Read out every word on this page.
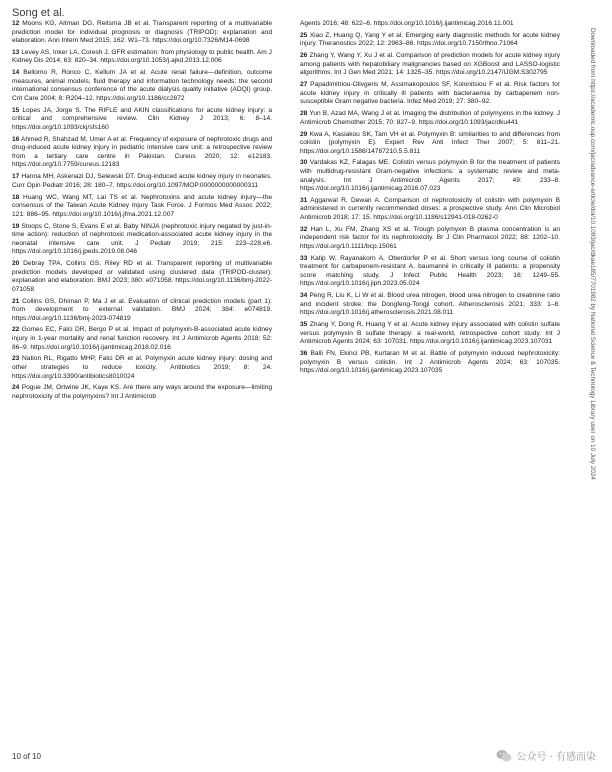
Song et al.

12 Moons KG, Altman DG, Reitsma JB et al. Transparent reporting of a multivariable prediction model for individual prognosis or diagnosis (TRIPOD): explanation and elaboration. Ann Intern Med 2015; 162: W1–73. https://doi.org/10.7326/M14-0698

13 Levey AS, Inker LA, Coresh J. GFR estimation: from physiology to public health. Am J Kidney Dis 2014; 63: 820–34. https://doi.org/10.1053/j.ajkd.2013.12.006

14 Bellomo R, Ronco C, Kellum JA et al. Acute renal failure—definition, outcome measures, animal models, fluid therapy and information technology needs: the second international consensus conference of the acute dialysis quality initiative (ADQI) group. Crit Care 2004; 8: R204–12. https://doi.org/10.1186/cc2872

15 Lopes JA, Jorge S. The RIFLE and AKIN classifications for acute kidney injury: a critical and comprehensive review. Clin Kidney J 2013; 6: 8–14. https://doi.org/10.1093/ckj/sfs160

16 Ahmed R, Shahzad M, Umer A et al. Frequency of exposure of nephrotoxic drugs and drug-induced acute kidney injury in pediatric intensive care unit: a retrospective review from a tertiary care centre in Pakistan. Cureus 2020; 12: e12183. https://doi.org/10.7759/cureus.12183

17 Hanna MH, Askenazi DJ, Selewski DT. Drug-induced acute kidney injury in neonates. Curr Opin Pediatr 2016; 28: 180–7. https://doi.org/10.1097/MOP.0000000000000311

18 Huang WC, Wang MT, Lai TS et al. Nephrotoxins and acute kidney injury—the consensus of the Taiwan Acute Kidney Injury Task Force. J Formos Med Assoc 2022; 121: 886–95. https://doi.org/10.1016/j.jfma.2021.12.007

19 Stoops C, Stone S, Evans E et al. Baby NINJA (nephrotoxic injury negated by just-in-time action): reduction of nephrotoxic medication-associated acute kidney injury in the neonatal intensive care unit. J Pediatr 2019; 215: 223–228.e6. https://doi.org/10.1016/j.jpeds.2019.08.046

20 Debray TPA, Collins GS, Riley RD et al. Transparent reporting of multivariable prediction models developed or validated using clustered data (TRIPOD-cluster): explanation and elaboration. BMJ 2023; 380: e071058. https://doi.org/10.1136/bmj-2022-071058

21 Collins GS, Dhiman P, Ma J et al. Evaluation of clinical prediction models (part 1): from development to external validation. BMJ 2024; 384: e074819. https://doi.org/10.1136/bmj-2023-074819

22 Gomes EC, Falci DR, Bergo P et al. Impact of polymyxin-B-associated acute kidney injury in 1-year mortality and renal function recovery. Int J Antimicrob Agents 2018; 52: 86–9. https://doi.org/10.1016/j.ijantimicag.2018.02.016

23 Nation RL, Rigatto MHP, Falci DR et al. Polymyxin acute kidney injury: dosing and other strategies to reduce toxicity. Antibiotics 2019; 8: 24. https://doi.org/10.3390/antibiotics8010024

24 Pogue JM, Ortwine JK, Kaye KS. Are there any ways around the exposure—limiting nephrotoxicity of the polymyxins? Int J Antimicrob

Agents 2016; 48: 622–6. https://doi.org/10.1016/j.ijantimicag.2016.11.001

25 Xiao Z, Huang Q, Yang Y et al. Emerging early diagnostic methods for acute kidney injury. Theranostics 2022; 12: 2963–86. https://doi.org/10.7150/thno.71064

26 Zhang Y, Wang Y, Xu J et al. Comparison of prediction models for acute kidney injury among patients with hepatobiliary malignancies based on XGBoost and LASSO-logistic algorithms. Int J Gen Med 2021; 14: 1325–35. https://doi.org/10.2147/IJGM.S302795

27 Papadimitriou-Olivgeris M, Assimakopoulos SF, Kolonitsiou F et al. Risk factors for acute kidney injury in critically ill patients with bacteraemia by carbapenem non-susceptible Gram negative bacteria. Infez Med 2019; 27: 380–92.

28 Yun B, Azad MA, Wang J et al. Imaging the distribution of polymyxins in the kidney. J Antimicrob Chemother 2015; 70: 827–9. https://doi.org/10.1093/jac/dku441

29 Kwa A, Kasiakou SK, Tam VH et al. Polymyxin B: similarities to and differences from colistin (polymyxin E). Expert Rev Anti Infect Ther 2007; 5: 811–21. https://doi.org/10.1586/14787210.5.5.811

30 Vardakas KZ, Falagas ME. Colistin versus polymyxin B for the treatment of patients with multidrug-resistant Gram-negative infections: a systematic review and meta-analysis. Int J Antimicrob Agents 2017; 49: 233–8. https://doi.org/10.1016/j.ijantimicag.2016.07.023

31 Aggarwal R, Dewan A. Comparison of nephrotoxicity of colistin with polymyxin B administered in currently recommended doses: a prospective study. Ann Clin Microbiol Antimicrob 2018; 17: 15. https://doi.org/10.1186/s12941-018-0262-0

32 Han L, Xu FM, Zhang XS et al. Trough polymyxin B plasma concentration is an independent risk factor for its nephrotoxicity. Br J Clin Pharmacol 2022; 88: 1202–10. https://doi.org/10.1111/bcp.15061

33 Katip W, Rayanakorn A, Oberdorfer P et al. Short versus long course of colistin treatment for carbapenem-resistant A. baumannii in critically ill patients: a propensity score matching study. J Infect Public Health 2023; 16: 1249–55. https://doi.org/10.1016/j.jiph.2023.05.024

34 Peng R, Liu K, Li W et al. Blood urea nitrogen, blood urea nitrogen to creatinine ratio and incident stroke: the Dongfeng-Tongji cohort. Atherosclerosis 2021; 333: 1–8. https://doi.org/10.1016/j.atherosclerosis.2021.08.011

35 Zhang Y, Dong R, Huang Y et al. Acute kidney injury associated with colistin sulfate versus polymyxin B sulfate therapy: a real-world, retrospective cohort study. Int J Antimicrob Agents 2024; 63: 107031. https://doi.org/10.1016/j.ijantimicag.2023.107031

36 Balli FN, Ekinci PB, Kurtaran M et al. Battle of polymyxin induced nephrotoxicity: polymyxin B versus colistin. Int J Antimicrob Agents 2024; 63: 107035. https://doi.org/10.1016/j.ijantimicag.2023.107035	Downloaded from https://academic.oup.com/jac/advance-article/doi/10.1093/jac/dkae185/7701982 by National Science & Technology Library user on 10 July 2024
10 of 10	公众号 · 有感而染
